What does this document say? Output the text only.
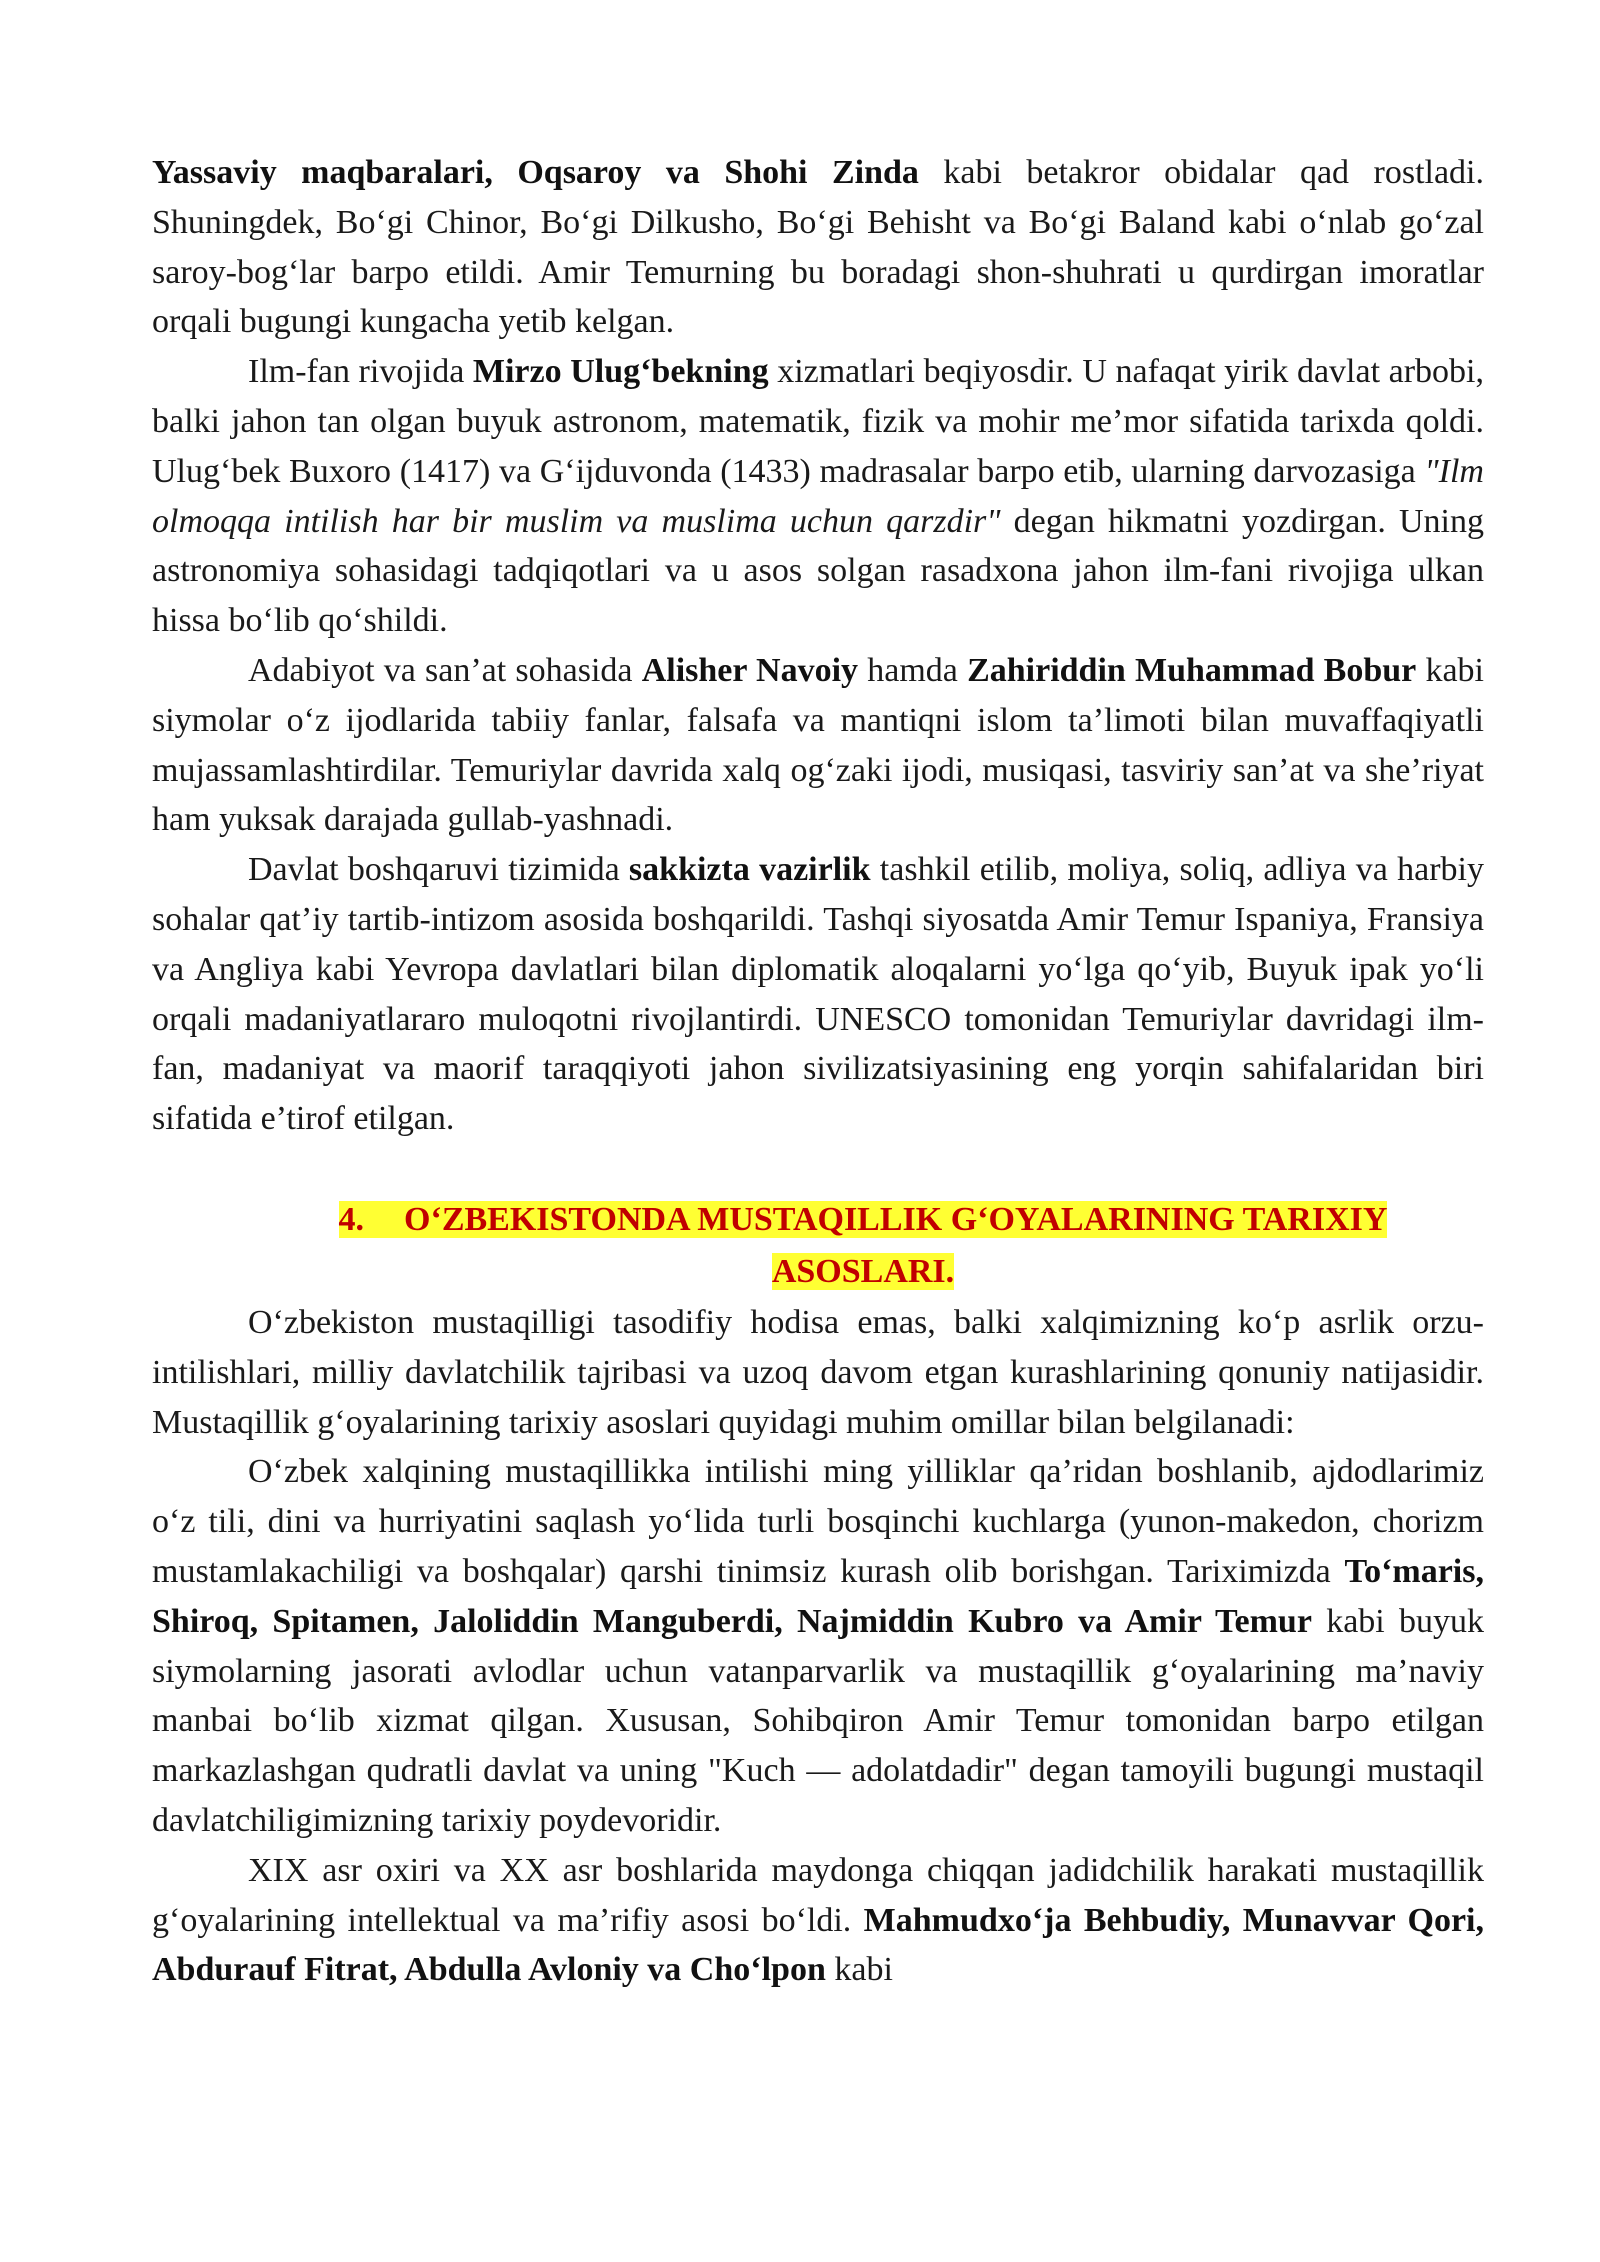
Yassaviy maqbaralari, Oqsaroy va Shohi Zinda kabi betakror obidalar qad rostladi. Shuningdek, Bo‘gi Chinor, Bo‘gi Dilkusho, Bo‘gi Behisht va Bo‘gi Baland kabi o‘nlab go‘zal saroy-bog‘lar barpo etildi. Amir Temurning bu boradagi shon-shuhrati u qurdirgan imoratlar orqali bugungi kungacha yetib kelgan.

Ilm-fan rivojida Mirzo Ulug‘bekning xizmatlari beqiyosdir. U nafaqat yirik davlat arbobi, balki jahon tan olgan buyuk astronom, matematik, fizik va mohir me’mor sifatida tarixda qoldi. Ulug‘bek Buxoro (1417) va G‘ijduvonda (1433) madrasalar barpo etib, ularning darvozasiga "Ilm olmoqqa intilish har bir muslim va muslima uchun qarzdir" degan hikmatni yozdirgan. Uning astronomiya sohasidagi tadqiqotlari va u asos solgan rasadxona jahon ilm-fani rivojiga ulkan hissa bo‘lib qo‘shildi.

Adabiyot va san’at sohasida Alisher Navoiy hamda Zahiriddin Muhammad Bobur kabi siymolar o‘z ijodlarida tabiiy fanlar, falsafa va mantiqni islom ta’limoti bilan muvaffaqiyatli mujassamlashtirdilar. Temuriylar davrida xalq og‘zaki ijodi, musiqasi, tasviriy san’at va she’riyat ham yuksak darajada gullab-yashnadi.

Davlat boshqaruvi tizimida sakkizta vazirlik tashkil etilib, moliya, soliq, adliya va harbiy sohalar qat’iy tartib-intizom asosida boshqarildi. Tashqi siyosatda Amir Temur Ispaniya, Fransiya va Angliya kabi Yevropa davlatlari bilan diplomatik aloqalarni yo‘lga qo‘yib, Buyuk ipak yo‘li orqali madaniyatlararo muloqotni rivojlantirdi. UNESCO tomonidan Temuriylar davridagi ilm-fan, madaniyat va maorif taraqqiyoti jahon sivilizatsiyasining eng yorqin sahifalaridan biri sifatida e’tirof etilgan.

4. O‘ZBEKISTONDA MUSTAQILLIK G‘OYALARINING TARIXIY
ASOSLARI.

O‘zbekiston mustaqilligi tasodifiy hodisa emas, balki xalqimizning ko‘p asrlik orzu-intilishlari, milliy davlatchilik tajribasi va uzoq davom etgan kurashlarining qonuniy natijasidir. Mustaqillik g‘oyalarining tarixiy asoslari quyidagi muhim omillar bilan belgilanadi:

O‘zbek xalqining mustaqillikka intilishi ming yilliklar qa’ridan boshlanib, ajdodlarimiz o‘z tili, dini va hurriyatini saqlash yo‘lida turli bosqinchi kuchlarga (yunon-makedon, chorizm mustamlakachiligi va boshqalar) qarshi tinimsiz kurash olib borishgan. Tariximizda To‘maris, Shiroq, Spitamen, Jaloliddin Manguberdi, Najmiddin Kubro va Amir Temur kabi buyuk siymolarning jasorati avlodlar uchun vatanparvarlik va mustaqillik g‘oyalarining ma’naviy manbai bo‘lib xizmat qilgan. Xususan, Sohibqiron Amir Temur tomonidan barpo etilgan markazlashgan qudratli davlat va uning "Kuch — adolatdadir" degan tamoyili bugungi mustaqil davlatchiligimizning tarixiy poydevoridir.

XIX asr oxiri va XX asr boshlarida maydonga chiqqan jadidchilik harakati mustaqillik g‘oyalarining intellektual va ma’rifiy asosi bo‘ldi. Mahmudxo‘ja Behbudiy, Munavvar Qori, Abdurauf Fitrat, Abdulla Avloniy va Cho‘lpon kabi
